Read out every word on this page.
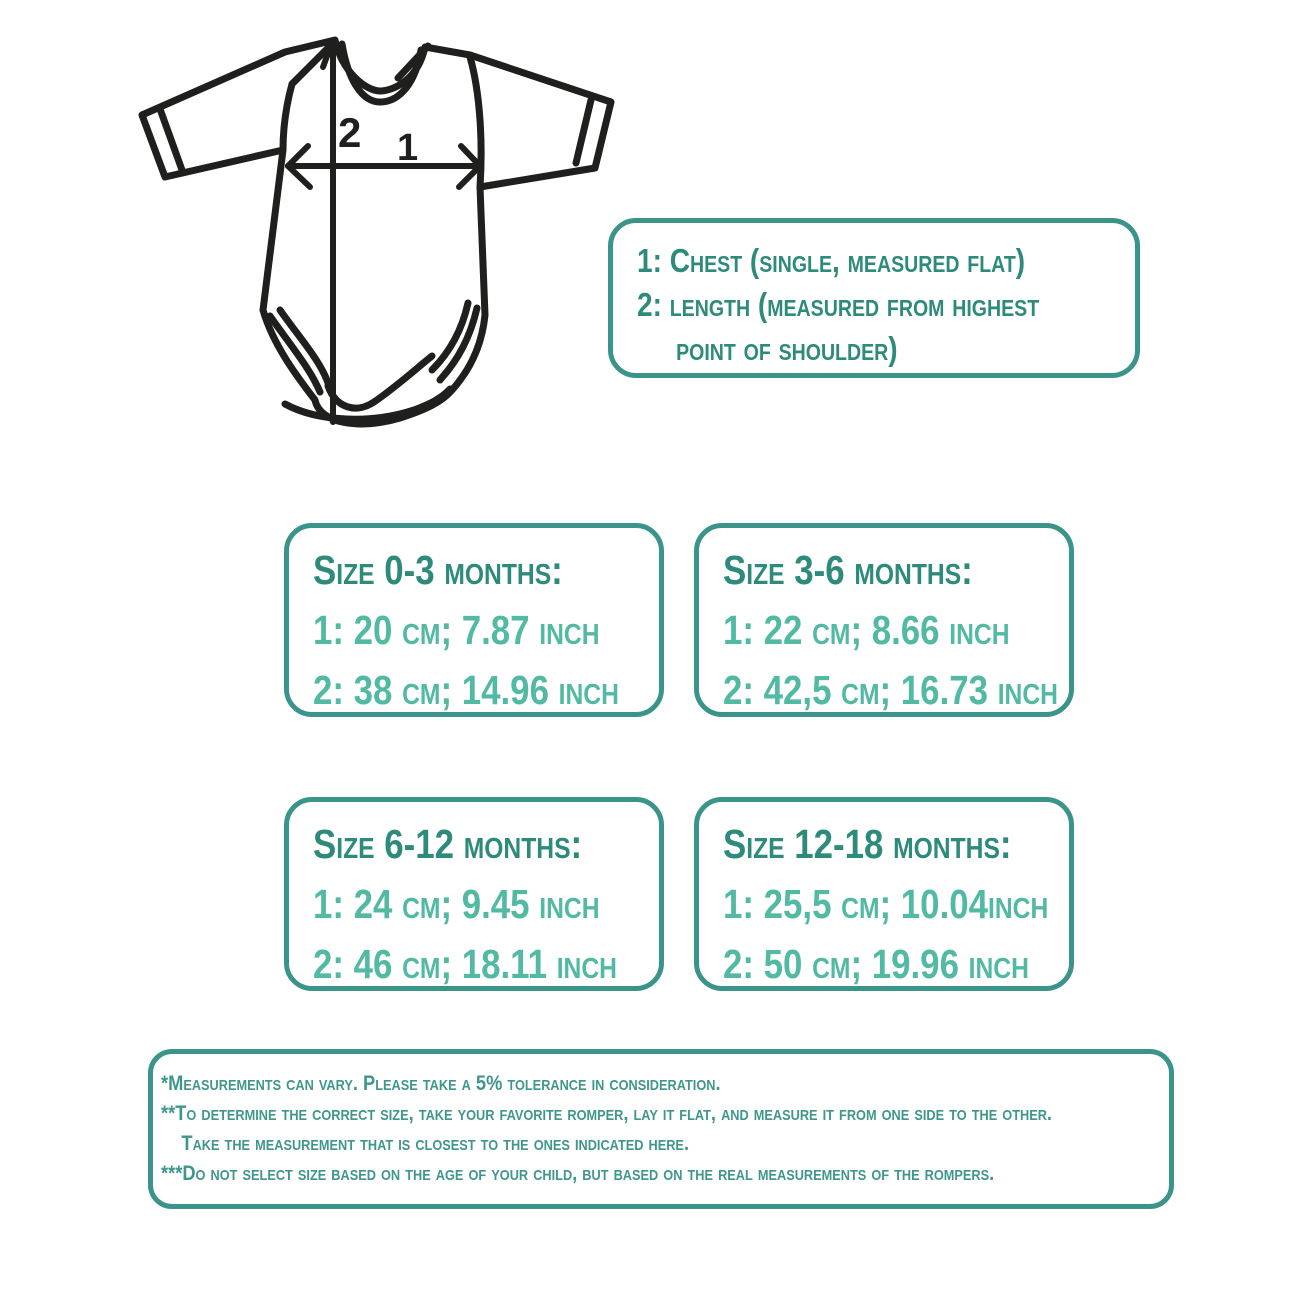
2 1
1: Chest (single, measured flat)
2: length (measured from highest
point of shoulder)
Size 0-3 months:
1: 20 cm; 7.87 inch
2: 38 cm; 14.96 inch
Size 3-6 months:
1: 22 cm; 8.66 inch
2: 42,5 cm; 16.73 inch
Size 6-12 months:
1: 24 cm; 9.45 inch
2: 46 cm; 18.11 inch
Size 12-18 months:
1: 25,5 cm; 10.04inch
2: 50 cm; 19.96 inch
*Measurements can vary. Please take a 5% tolerance in consideration.
**To determine the correct size, take your favorite romper, lay it flat, and measure it from one side to the other.
Take the measurement that is closest to the ones indicated here.
***Do not select size based on the age of your child, but based on the real measurements of the rompers.
